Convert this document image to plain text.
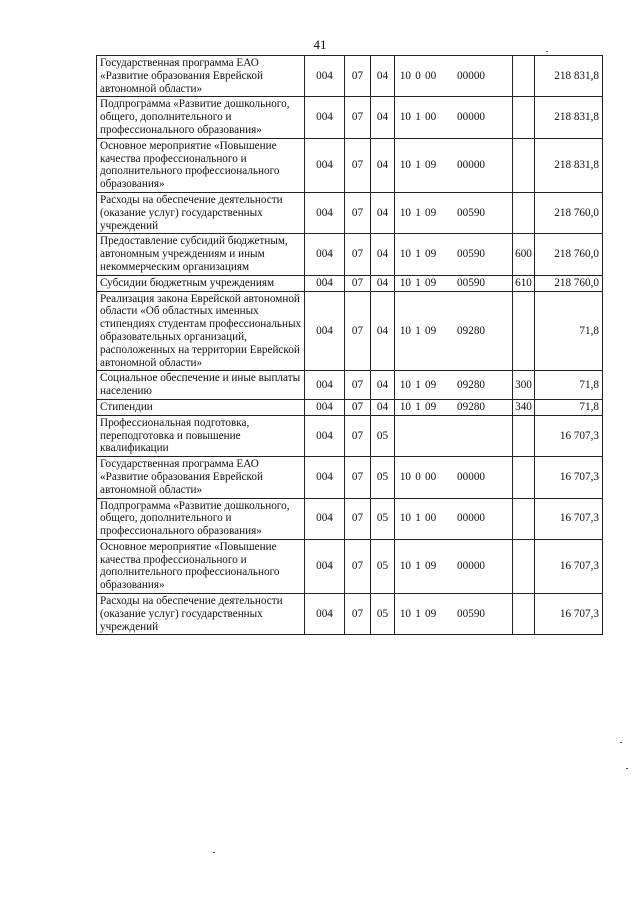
41
Государственная программа ЕАО «Развитие образования Еврейской автономной области»	004	07	04	10 0 00 00000		218 831,8
Подпрограмма «Развитие дошкольного, общего, дополнительного и профессионального образования»	004	07	04	10 1 00 00000		218 831,8
Основное мероприятие «Повышение качества профессионального и дополнительного профессионального образования»	004	07	04	10 1 09 00000		218 831,8
Расходы на обеспечение деятельности (оказание услуг) государственных учреждений	004	07	04	10 1 09 00590		218 760,0
Предоставление субсидий бюджетным, автономным учреждениям и иным некоммерческим организациям	004	07	04	10 1 09 00590	600	218 760,0
Субсидии бюджетным учреждениям	004	07	04	10 1 09 00590	610	218 760,0
Реализация закона Еврейской автономной области «Об областных именных стипендиях студентам профессиональных образовательных организаций, расположенных на территории Еврейской автономной области»	004	07	04	10 1 09 09280		71,8
Социальное обеспечение и иные выплаты населению	004	07	04	10 1 09 09280	300	71,8
Стипендии	004	07	04	10 1 09 09280	340	71,8
Профессиональная подготовка, переподготовка и повышение квалификации	004	07	05			16 707,3
Государственная программа ЕАО «Развитие образования Еврейской автономной области»	004	07	05	10 0 00 00000		16 707,3
Подпрограмма «Развитие дошкольного, общего, дополнительного и профессионального образования»	004	07	05	10 1 00 00000		16 707,3
Основное мероприятие «Повышение качества профессионального и дополнительного профессионального образования»	004	07	05	10 1 09 00000		16 707,3
Расходы на обеспечение деятельности (оказание услуг) государственных учреждений	004	07	05	10 1 09 00590		16 707,3
